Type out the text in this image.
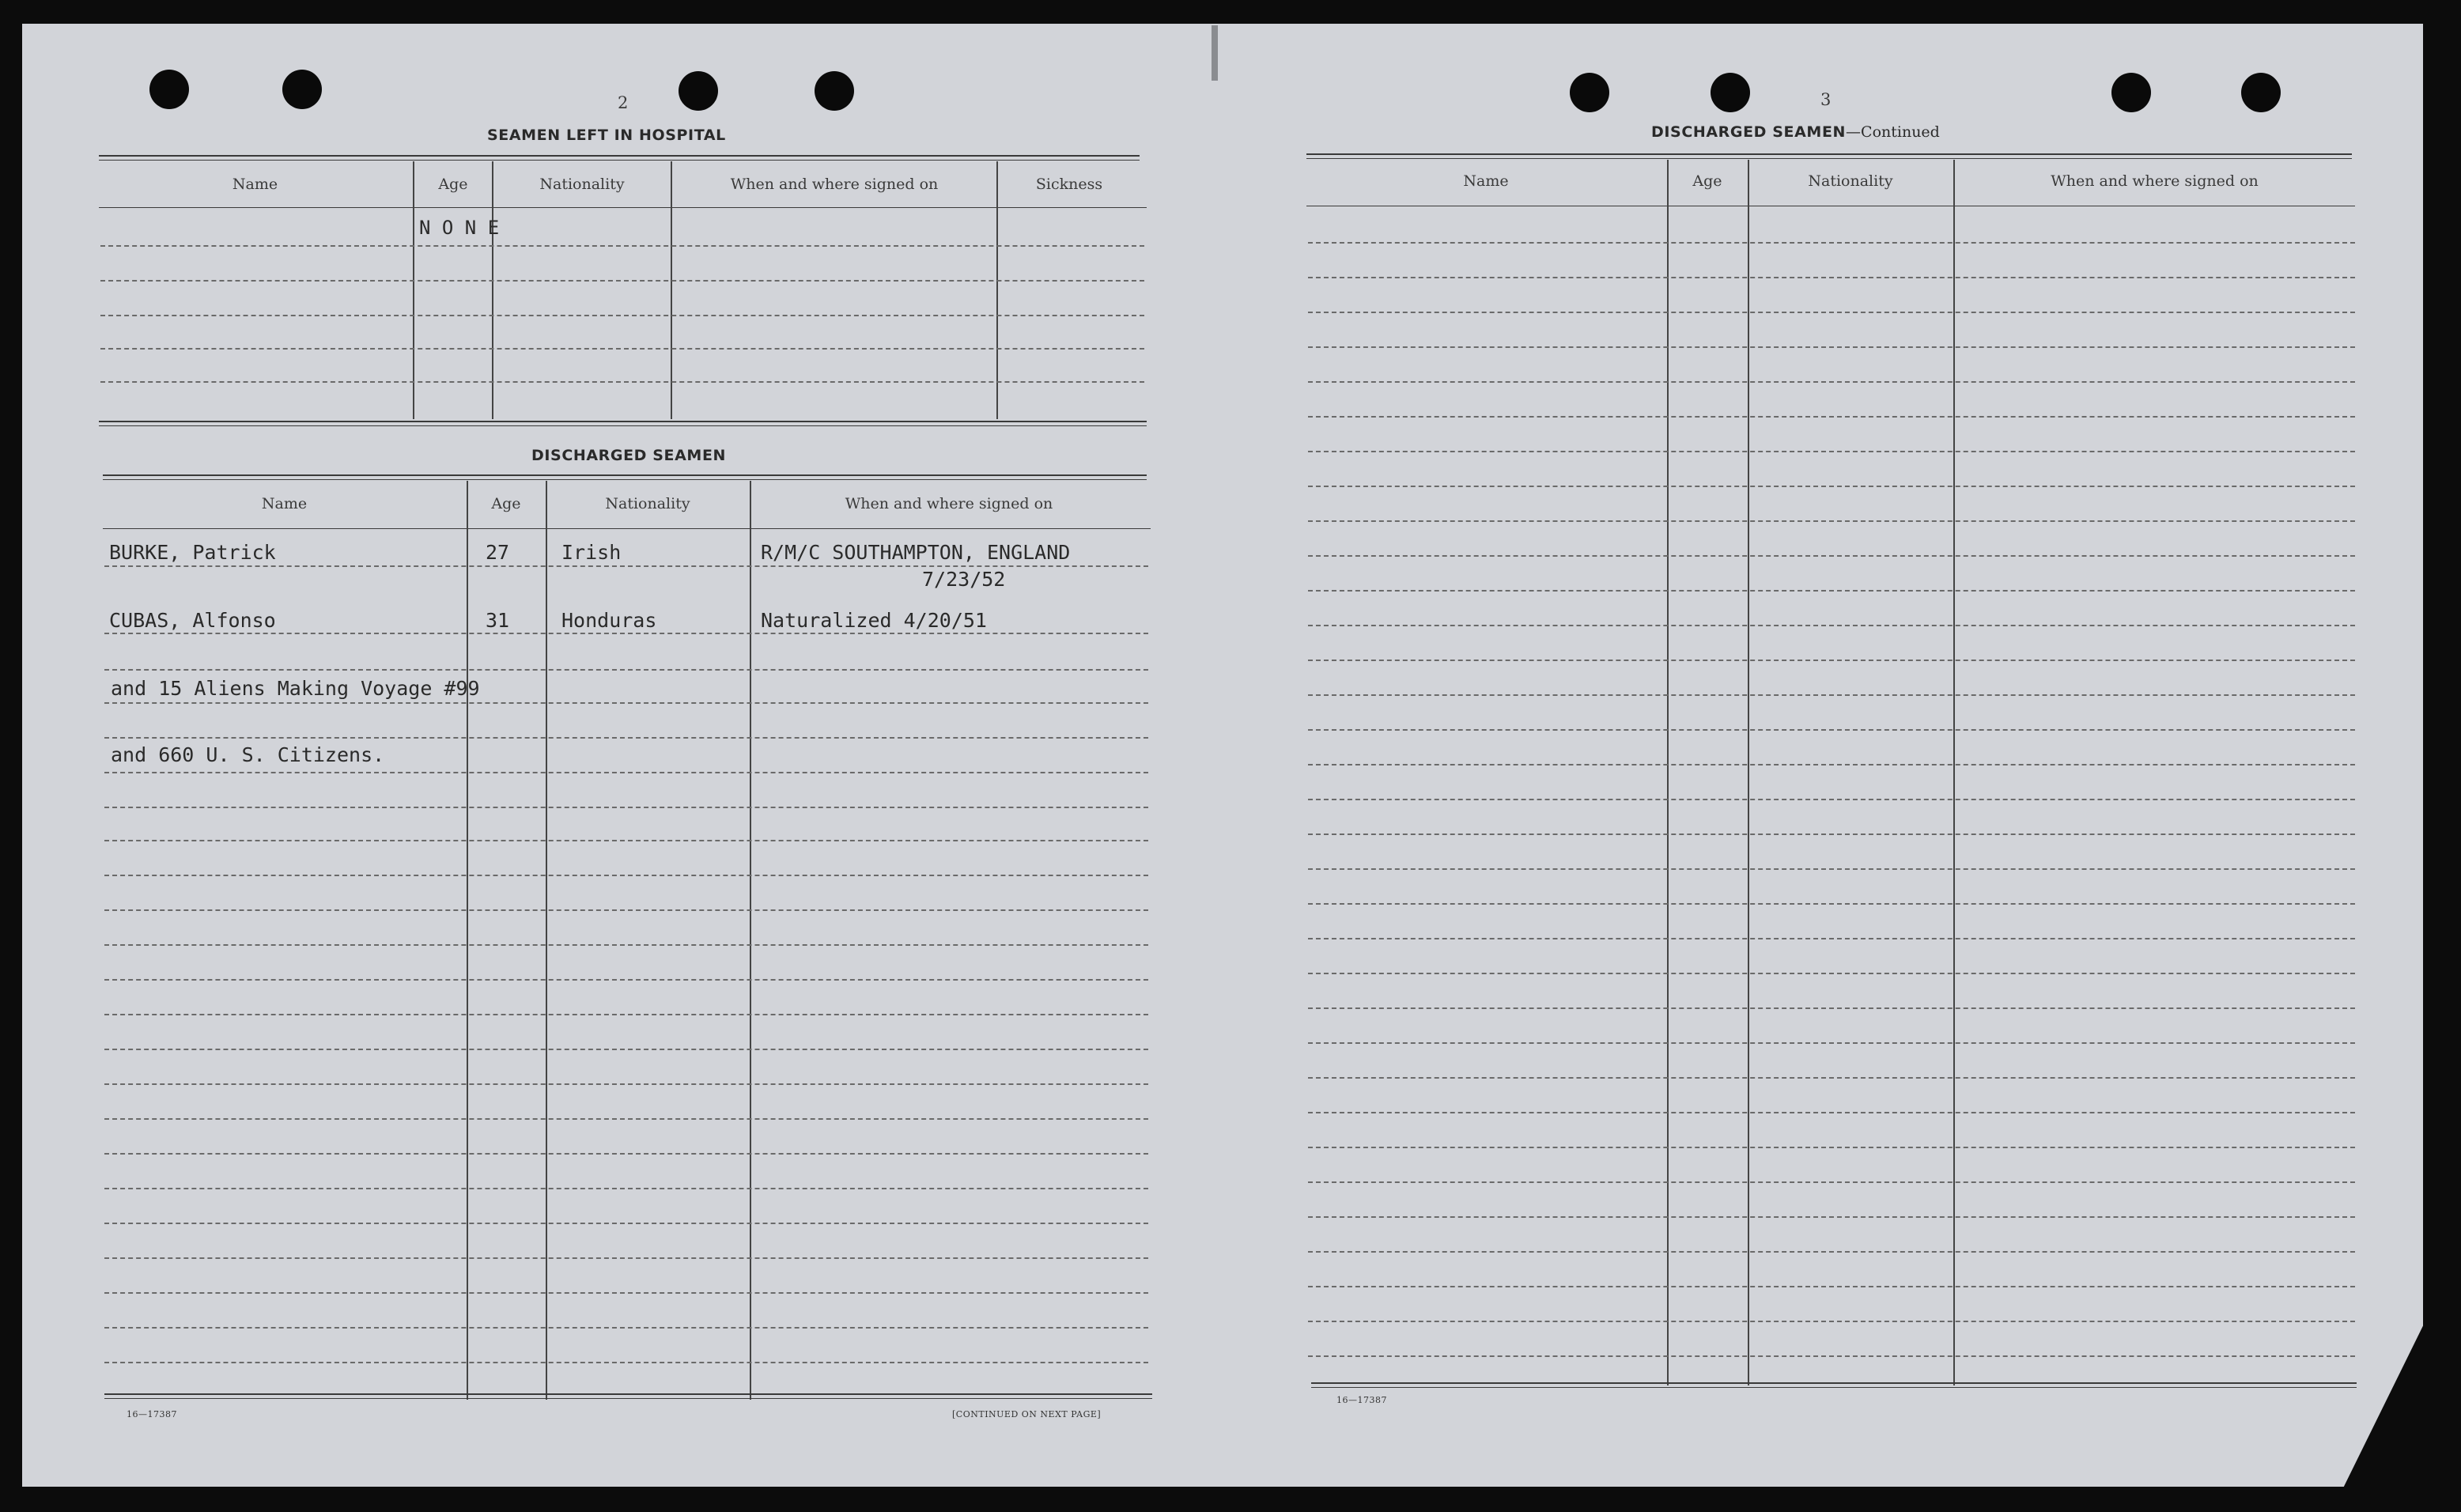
2
SEAMEN LEFT IN HOSPITAL
Name	Age	Nationality	When and where signed on	Sickness
N O N E
DISCHARGED SEAMEN
Name	Age	Nationality	When and where signed on
BURKE, Patrick	27	Irish	R/M/C SOUTHAMPTON, ENGLAND
7/23/52
CUBAS, Alfonso	31	Honduras	Naturalized 4/20/51
and 15 Aliens Making Voyage #99
and 660 U. S. Citizens.
16—17387	[CONTINUED ON NEXT PAGE]
3
DISCHARGED SEAMEN—Continued
Name	Age	Nationality	When and where signed on
16—17387
